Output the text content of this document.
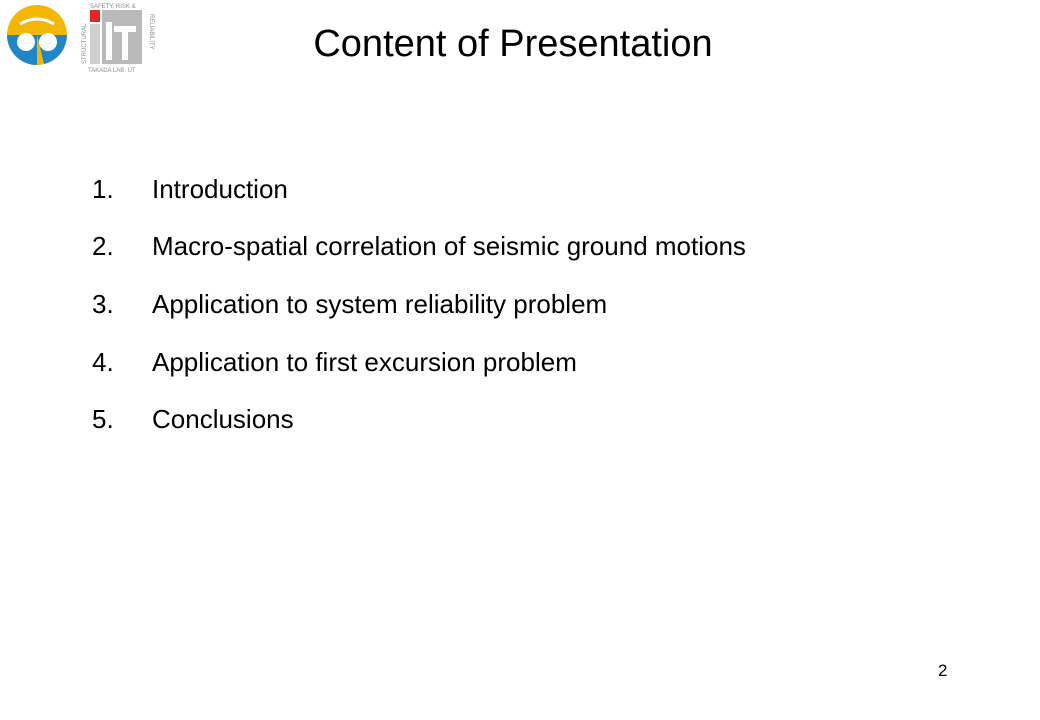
SAFETY, RISK &
STRUCTURAL	RELIABILITY
TAKADA LAB. UT
Content of Presentation
1.	Introduction
2.	Macro-spatial correlation of seismic ground motions
3.	Application to system reliability problem
4.	Application to first excursion problem
5.	Conclusions
2
